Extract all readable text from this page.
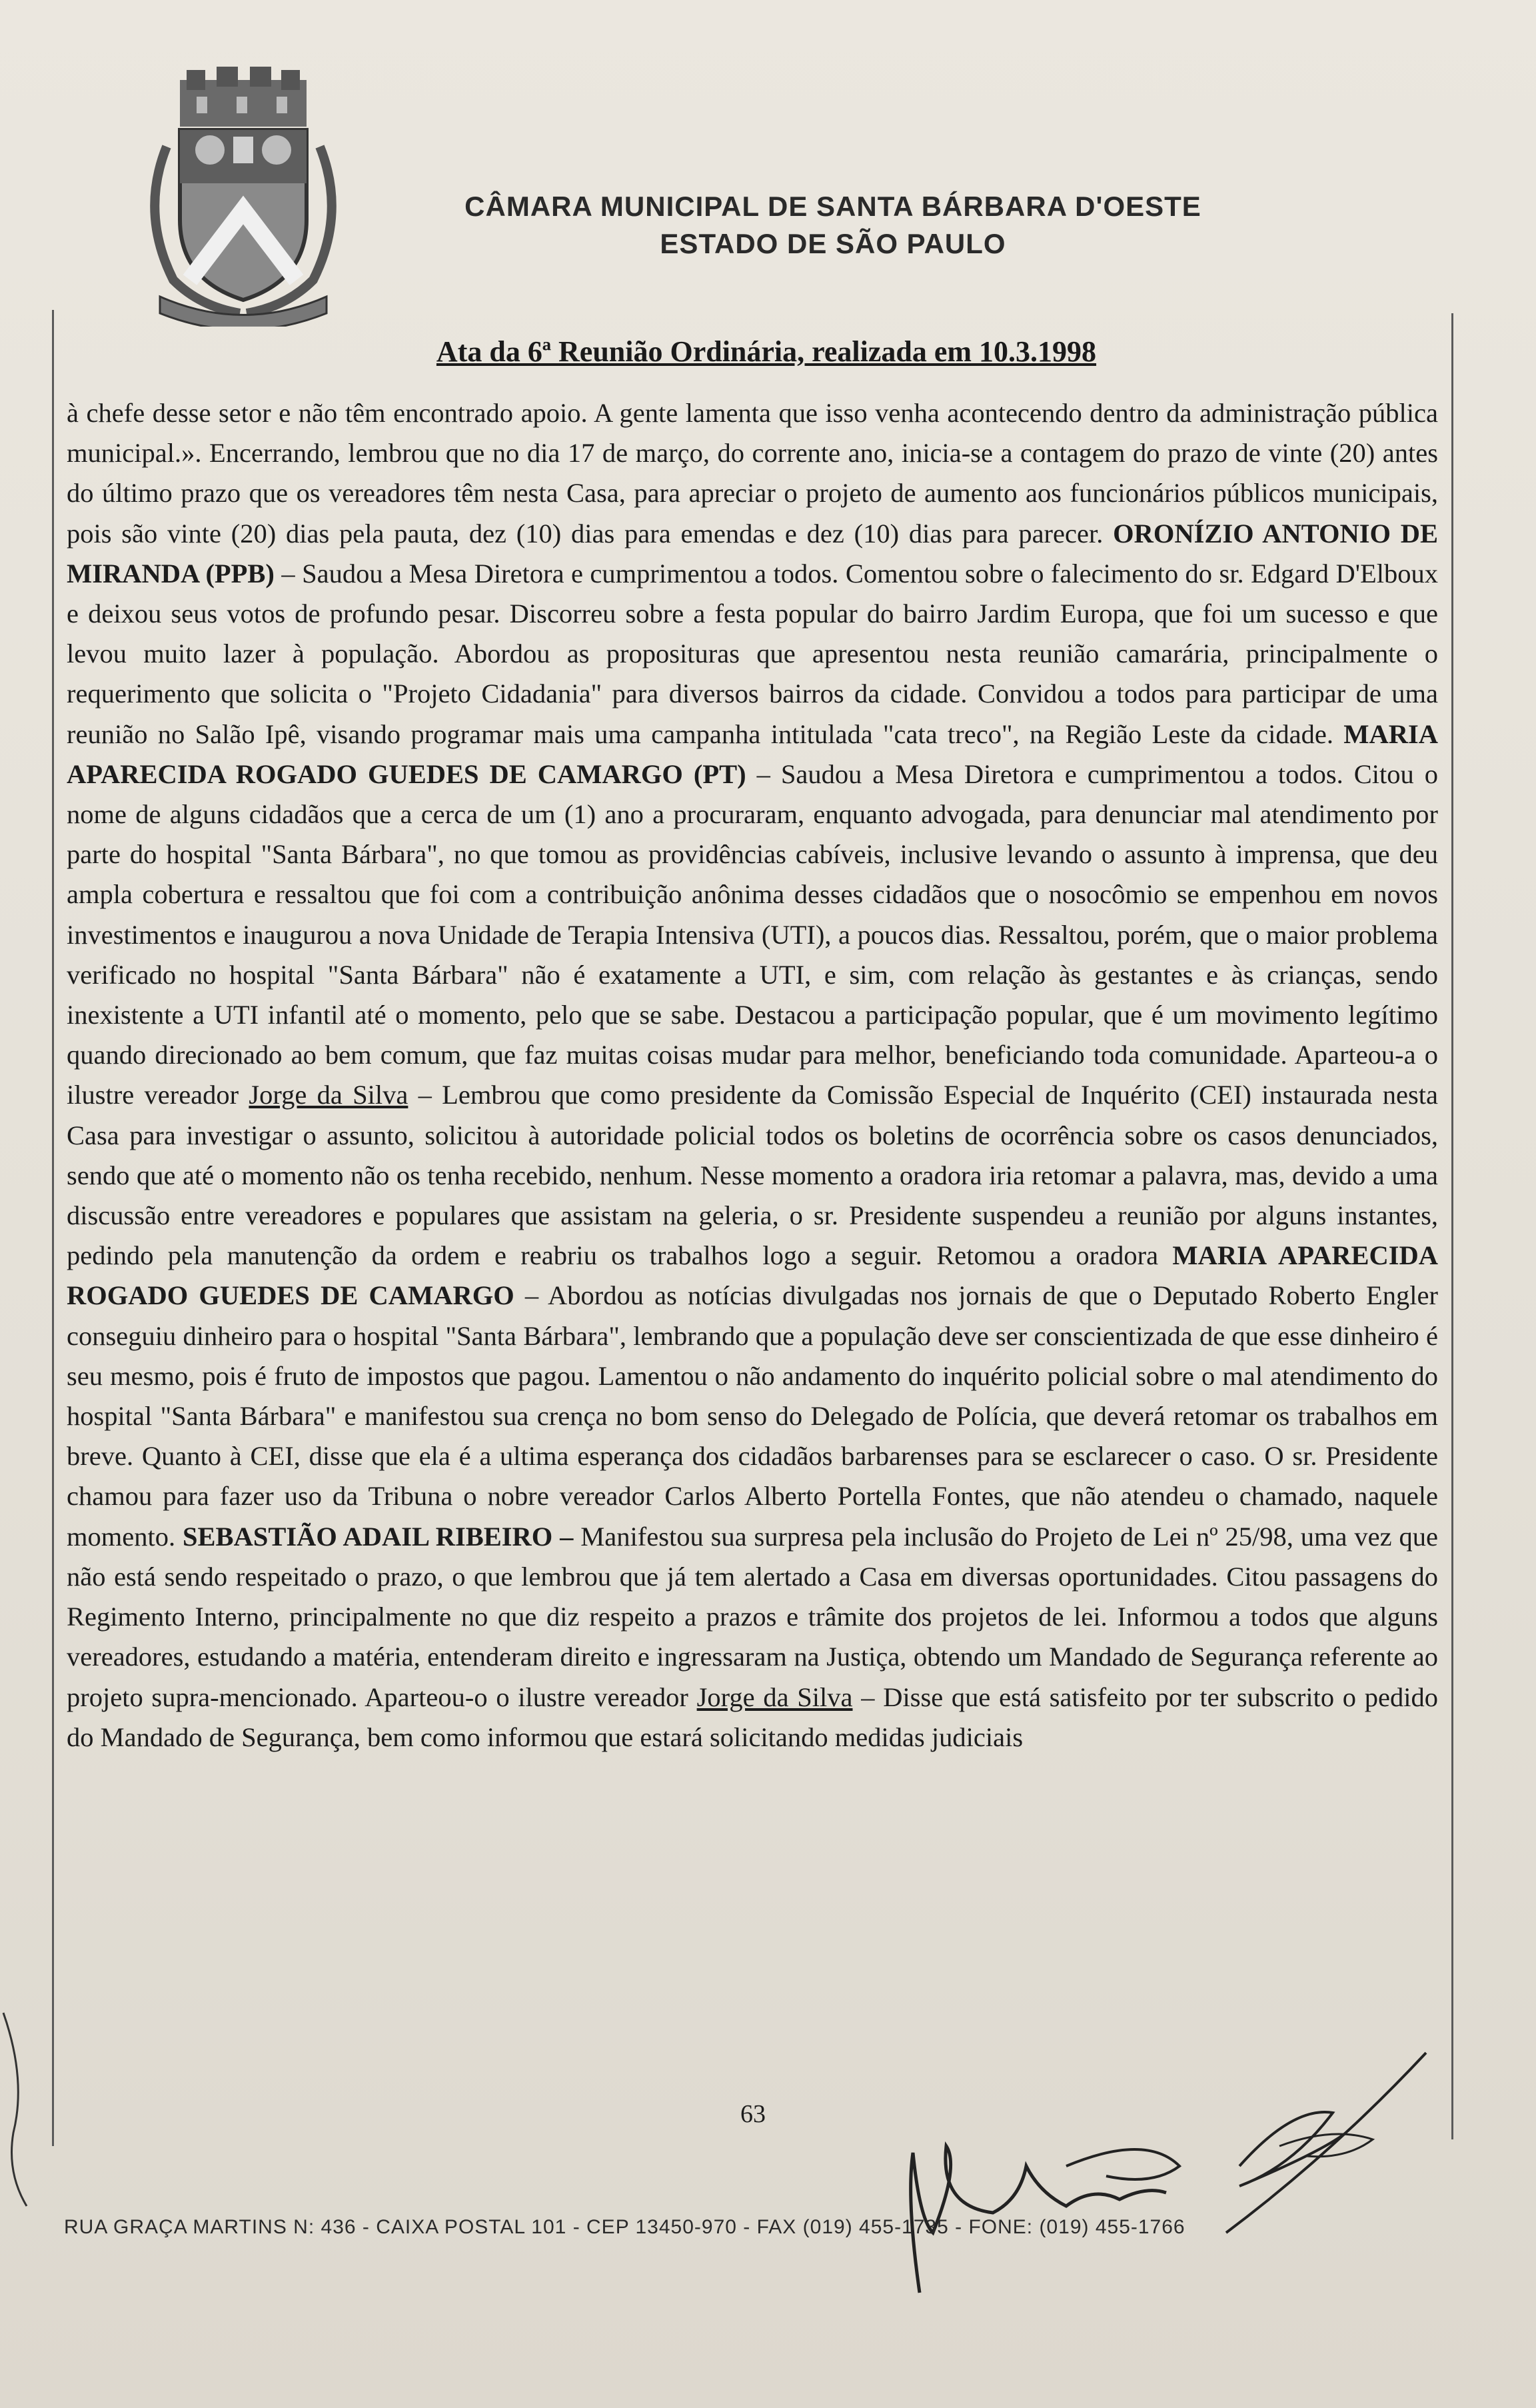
CÂMARA MUNICIPAL DE SANTA BÁRBARA D'OESTE
ESTADO DE SÃO PAULO
Ata da 6ª Reunião Ordinária, realizada em 10.3.1998
à chefe desse setor e não têm encontrado apoio. A gente lamenta que isso venha acontecendo dentro da administração pública municipal.». Encerrando, lembrou que no dia 17 de março, do corrente ano, inicia-se a contagem do prazo de vinte (20) antes do último prazo que os vereadores têm nesta Casa, para apreciar o projeto de aumento aos funcionários públicos municipais, pois são vinte (20) dias pela pauta, dez (10) dias para emendas e dez (10) dias para parecer. ORONÍZIO ANTONIO DE MIRANDA (PPB) – Saudou a Mesa Diretora e cumprimentou a todos. Comentou sobre o falecimento do sr. Edgard D'Elboux e deixou seus votos de profundo pesar. Discorreu sobre a festa popular do bairro Jardim Europa, que foi um sucesso e que levou muito lazer à população. Abordou as proposituras que apresentou nesta reunião camarária, principalmente o requerimento que solicita o "Projeto Cidadania" para diversos bairros da cidade. Convidou a todos para participar de uma reunião no Salão Ipê, visando programar mais uma campanha intitulada "cata treco", na Região Leste da cidade. MARIA APARECIDA ROGADO GUEDES DE CAMARGO (PT) – Saudou a Mesa Diretora e cumprimentou a todos. Citou o nome de alguns cidadãos que a cerca de um (1) ano a procuraram, enquanto advogada, para denunciar mal atendimento por parte do hospital "Santa Bárbara", no que tomou as providências cabíveis, inclusive levando o assunto à imprensa, que deu ampla cobertura e ressaltou que foi com a contribuição anônima desses cidadãos que o nosocômio se empenhou em novos investimentos e inaugurou a nova Unidade de Terapia Intensiva (UTI), a poucos dias. Ressaltou, porém, que o maior problema verificado no hospital "Santa Bárbara" não é exatamente a UTI, e sim, com relação às gestantes e às crianças, sendo inexistente a UTI infantil até o momento, pelo que se sabe. Destacou a participação popular, que é um movimento legítimo quando direcionado ao bem comum, que faz muitas coisas mudar para melhor, beneficiando toda comunidade. Aparteou-a o ilustre vereador Jorge da Silva – Lembrou que como presidente da Comissão Especial de Inquérito (CEI) instaurada nesta Casa para investigar o assunto, solicitou à autoridade policial todos os boletins de ocorrência sobre os casos denunciados, sendo que até o momento não os tenha recebido, nenhum. Nesse momento a oradora iria retomar a palavra, mas, devido a uma discussão entre vereadores e populares que assistam na geleria, o sr. Presidente suspendeu a reunião por alguns instantes, pedindo pela manutenção da ordem e reabriu os trabalhos logo a seguir. Retomou a oradora MARIA APARECIDA ROGADO GUEDES DE CAMARGO – Abordou as notícias divulgadas nos jornais de que o Deputado Roberto Engler conseguiu dinheiro para o hospital "Santa Bárbara", lembrando que a população deve ser conscientizada de que esse dinheiro é seu mesmo, pois é fruto de impostos que pagou. Lamentou o não andamento do inquérito policial sobre o mal atendimento do hospital "Santa Bárbara" e manifestou sua crença no bom senso do Delegado de Polícia, que deverá retomar os trabalhos em breve. Quanto à CEI, disse que ela é a ultima esperança dos cidadãos barbarenses para se esclarecer o caso. O sr. Presidente chamou para fazer uso da Tribuna o nobre vereador Carlos Alberto Portella Fontes, que não atendeu o chamado, naquele momento. SEBASTIÃO ADAIL RIBEIRO – Manifestou sua surpresa pela inclusão do Projeto de Lei nº 25/98, uma vez que não está sendo respeitado o prazo, o que lembrou que já tem alertado a Casa em diversas oportunidades. Citou passagens do Regimento Interno, principalmente no que diz respeito a prazos e trâmite dos projetos de lei. Informou a todos que alguns vereadores, estudando a matéria, entenderam direito e ingressaram na Justiça, obtendo um Mandado de Segurança referente ao projeto supra-mencionado. Aparteou-o o ilustre vereador Jorge da Silva – Disse que está satisfeito por ter subscrito o pedido do Mandado de Segurança, bem como informou que estará solicitando medidas judiciais
63
RUA GRAÇA MARTINS N: 436 - CAIXA POSTAL 101 - CEP 13450-970 - FAX (019) 455-1735 - FONE: (019) 455-1766
